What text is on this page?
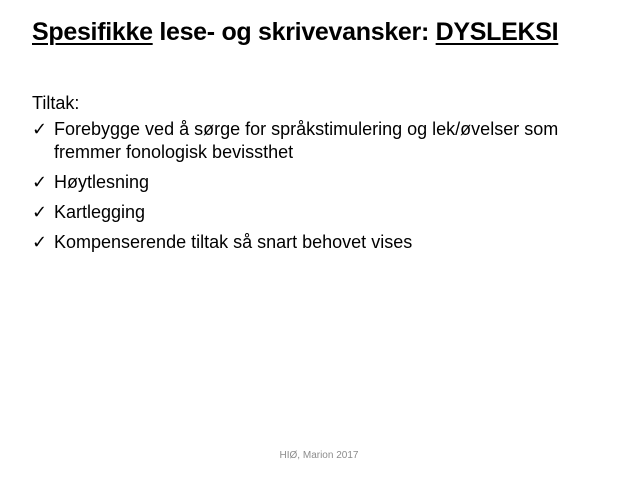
Spesifikke lese- og skrivevansker: DYSLEKSI
Tiltak:
✓ Forebygge ved å sørge for språkstimulering og lek/øvelser som fremmer fonologisk bevissthet
✓ Høytlesning
✓ Kartlegging
✓ Kompenserende tiltak så snart behovet vises
HIØ, Marion 2017
